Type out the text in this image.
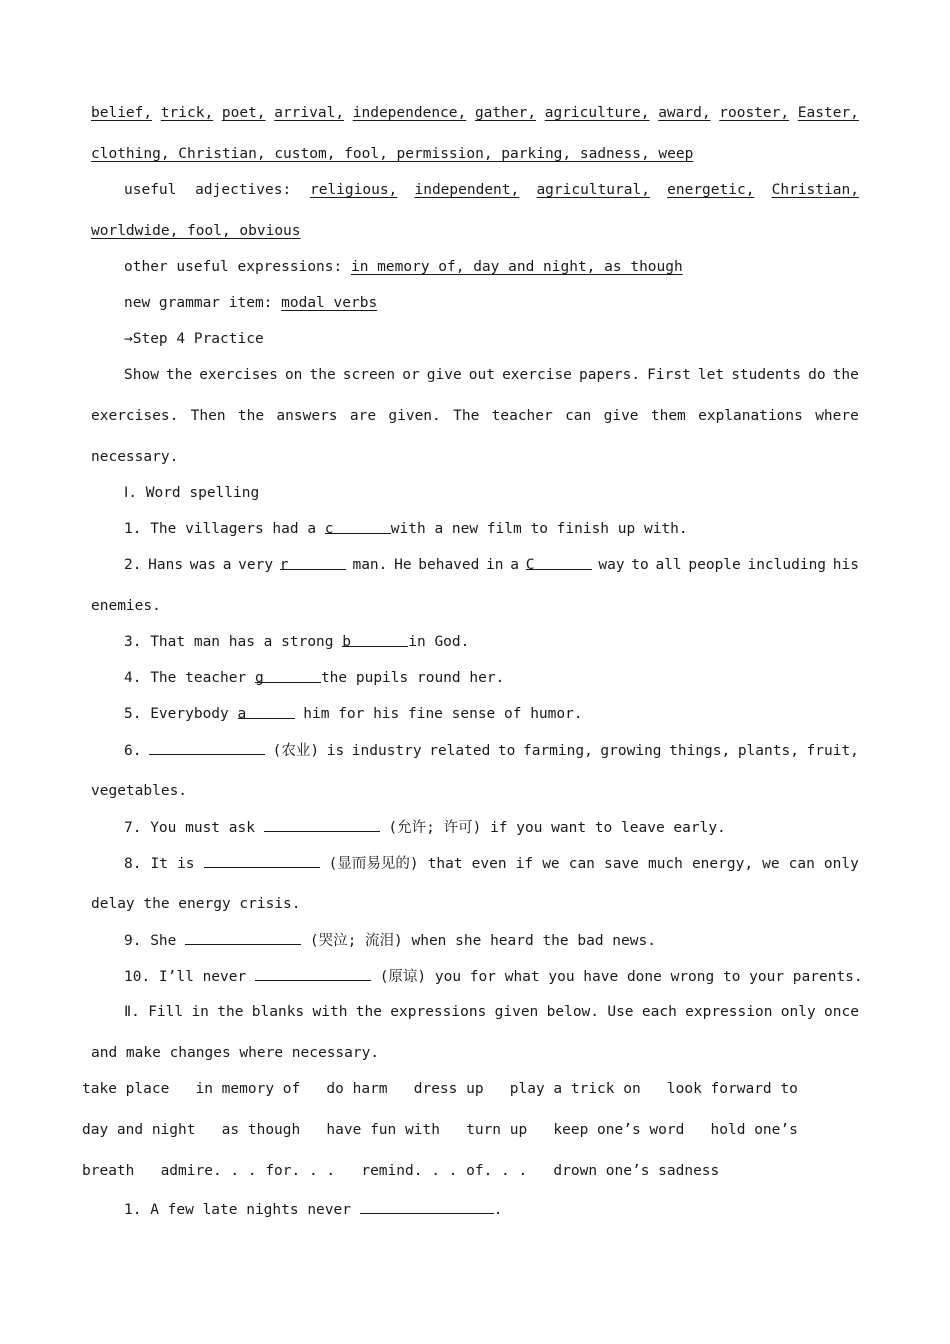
belief, trick, poet, arrival, independence, gather, agriculture, award, rooster, Easter,
clothing, Christian, custom, fool, permission, parking, sadness, weep
useful adjectives: religious, independent, agricultural, energetic, Christian,
worldwide, fool, obvious
other useful expressions: in memory of, day and night, as though
new grammar item: modal verbs
→Step 4 Practice
Show the exercises on the screen or give out exercise papers. First let students do the
exercises. Then the answers are given. The teacher can give them explanations where
necessary.
Ⅰ. Word spelling
1. The villagers had a c	with a new film to finish up with.
2. Hans was a very r	man. He behaved in a C	way to all people including his
enemies.
3. That man has a strong b	in God.
4. The teacher g	the pupils round her.
5. Everybody a	him for his fine sense of humor.
6.	(农业) is industry related to farming, growing things, plants, fruit,
vegetables.
7. You must ask	(允许; 许可) if you want to leave early.
8. It is	(显而易见的) that even if we can save much energy, we can only
delay the energy crisis.
9. She	(哭泣; 流泪) when she heard the bad news.
10. I’ll never	(原谅) you for what you have done wrong to your parents.
Ⅱ. Fill in the blanks with the expressions given below. Use each expression only once
and make changes where necessary.
take place   in memory of   do harm   dress up   play a trick on   look forward to
day and night   as though   have fun with   turn up   keep one’s word   hold one’s
breath   admire. . . for. . .   remind. . . of. . .   drown one’s sadness
1. A few late nights never	.
